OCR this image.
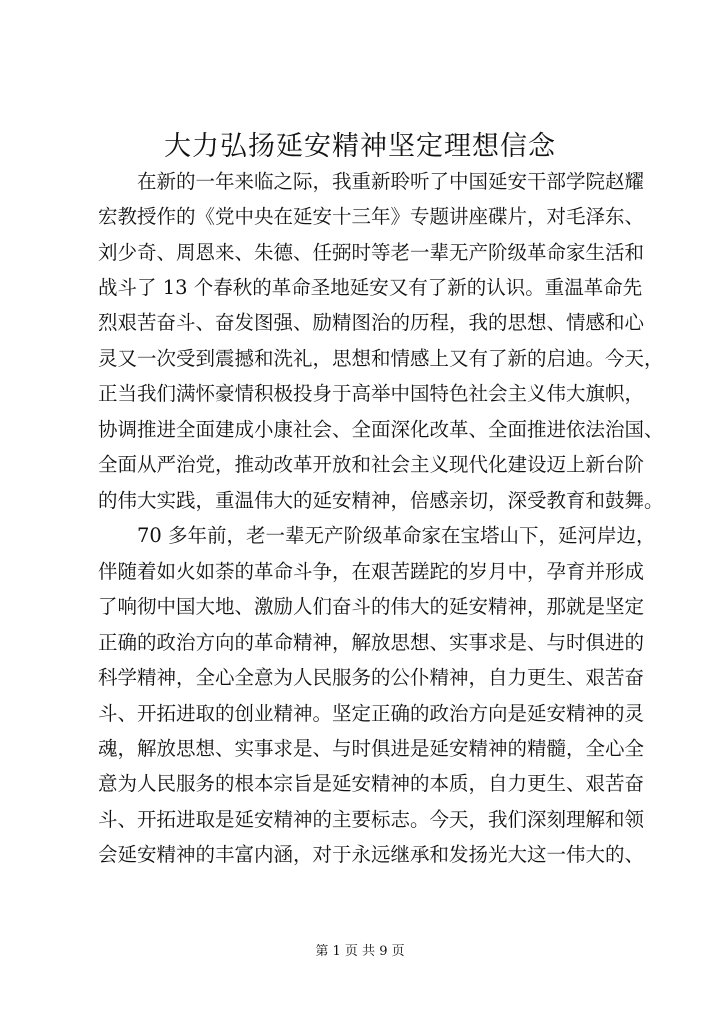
大力弘扬延安精神坚定理想信念
　　在新的一年来临之际，我重新聆听了中国延安干部学院赵耀
宏教授作的《党中央在延安十三年》专题讲座碟片，对毛泽东、
刘少奇、周恩来、朱德、任弼时等老一辈无产阶级革命家生活和
战斗了 13 个春秋的革命圣地延安又有了新的认识。重温革命先
烈艰苦奋斗、奋发图强、励精图治的历程，我的思想、情感和心
灵又一次受到震撼和洗礼，思想和情感上又有了新的启迪。今天，
正当我们满怀豪情积极投身于高举中国特色社会主义伟大旗帜，
协调推进全面建成小康社会、全面深化改革、全面推进依法治国、
全面从严治党，推动改革开放和社会主义现代化建设迈上新台阶
的伟大实践，重温伟大的延安精神，倍感亲切，深受教育和鼓舞。
　　70 多年前，老一辈无产阶级革命家在宝塔山下，延河岸边，
伴随着如火如荼的革命斗争，在艰苦蹉跎的岁月中，孕育并形成
了响彻中国大地、激励人们奋斗的伟大的延安精神，那就是坚定
正确的政治方向的革命精神，解放思想、实事求是、与时俱进的
科学精神，全心全意为人民服务的公仆精神，自力更生、艰苦奋
斗、开拓进取的创业精神。坚定正确的政治方向是延安精神的灵
魂，解放思想、实事求是、与时俱进是延安精神的精髓，全心全
意为人民服务的根本宗旨是延安精神的本质，自力更生、艰苦奋
斗、开拓进取是延安精神的主要标志。今天，我们深刻理解和领
会延安精神的丰富内涵，对于永远继承和发扬光大这一伟大的、
第 1 页 共 9 页
